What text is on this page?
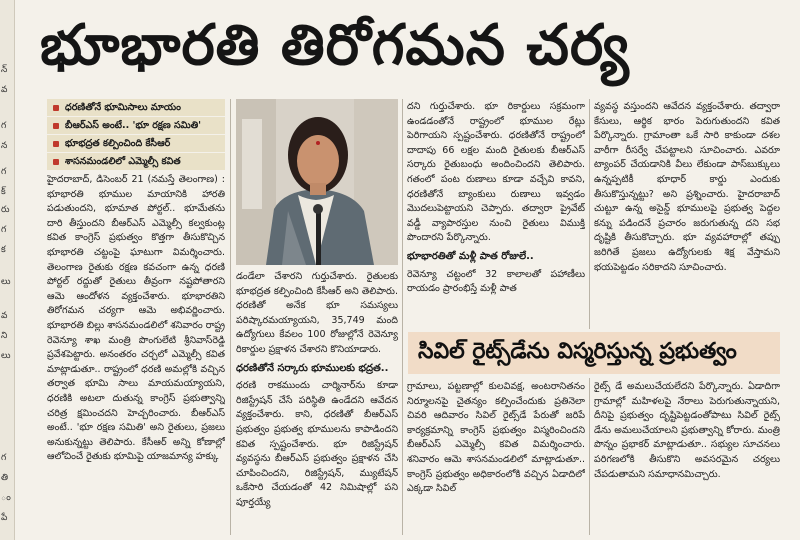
న్
వ
గ
న
గ
క్
రు
గ
క
లు
వ
ని
లు
గ
తి
ం
పే
భూభారతి తిరోగమన చర్య
ధరణితోనే భూమిసాలు మాయం
బీఆర్ఎస్ అంటే.. 'భూ రక్షణ సమితి'
భూభద్రత కల్పించింది కేసీఆర్
శాసనమండలిలో ఎమ్మెల్సీ కవిత

హైదరాబాద్, డిసెంబర్ 21 (నమస్తే తెలంగాణ) : భూభారతి భూముల మాయానికి హారతి పడుతుందని, భూమాత పోర్టల్.. భూమేతను దారి తీస్తుందని బీఆర్ఎస్ ఎమ్మెల్సీ కల్వకుంట్ల కవిత కాంగ్రెస్ ప్రభుత్వం కొత్తగా తీసుకొచ్చిన భూభారతి చట్టంపై ఘాటుగా విమర్శించారు. తెలంగాణ రైతుకు రక్షణ కవచంగా ఉన్న ధరణి పోర్టల్ రద్దుతో రైతులు తీవ్రంగా నష్టపోతారని ఆమె ఆందోళన వ్యక్తంచేశారు. భూభారతిని తిరోగమన చర్యగా ఆమె అభివర్ణించారు. భూభారతి బిల్లు శాసనమండలిలో శనివారం రాష్ట్ర రెవెన్యూ శాఖ మంత్రి పొంగులేటి శ్రీనివాస్‌రెడ్డి ప్రవేశపెట్టారు. అనంతరం చర్చలో ఎమ్మెల్సీ కవిత మాట్లాడుతూ.. రాష్ట్రంలో ధరణి అమల్లోకి వచ్చిన తర్వాత భూమి సాలు మాయమయ్యాయని, ధరణికి అటలా దుతున్న కాంగ్రెస్ ప్రభుత్వాన్ని చరిత్ర క్షమించదని హెచ్చరించారు. బీఆర్ఎస్ అంటే.. 'భూ రక్షణ సమితి' అని రైతులు, ప్రజలు అనుకున్నట్టు తెలిపారు. కేసీఆర్ అన్ని కోణాల్లో ఆలోచించే రైతుకు భూమిపై యాజమాన్య హక్కు

డండేలా చేశారని గుర్తుచేశారు. రైతులకు భూభద్రత కల్పించింది కేసీఆర్ అని తెలిపారు. ధరణితో అనేక భూ సమస్యలు పరిష్కారమయ్యాయని, 35,749 మంది ఉద్యోగులు కేవలం 100 రోజుల్లోనే రెవెన్యూ రికార్డుల ప్రక్షాళన చేశారని కొనియాడారు.

ధరణితోనే సర్కారు భూములకు భద్రత..

ధరణి రాకముందు చార్మినార్‌ను కూడా రిజిస్ట్రేషన్ చేసే పరిస్థితి ఉండేదని ఆవేదన వ్యక్తంచేశారు. కాని, ధరణితో బీఆర్ఎస్ ప్రభుత్వం ప్రభుత్వ భూములను కాపాడిందని కవిత స్పష్టంచేశారు. భూ రిజిస్ట్రేషన్ వ్యవస్థను బీఆర్ఎస్ ప్రభుత్వం ప్రక్షాళన చేసి చూపించిందని, రిజిస్ట్రేషన్, మ్యుటేషన్ ఒకేసారి చేయడంతో 42 నిమిషాల్లో పని పూర్తయ్యే

దని గుర్తుచేశారు. భూ రికార్డులు సక్రమంగా ఉండడంతోనే రాష్ట్రంలో భూముల రేట్లు పెరిగాయని స్పష్టంచేశారు. ధరణితోనే రాష్ట్రంలో దాదాపు 66 లక్షల మంది రైతులకు బీఆర్ఎస్ సర్కారు రైతుబంధు అందించిందని తెలిపారు. గతంలో పంట రుణాలు కూడా వచ్చేవి కావని, ధరణితోనే బ్యాంకులు రుణాలు ఇవ్వడం మొదలుపెట్టాయని చెప్పారు. తద్వారా ప్రైవేట్ వడ్డీ వ్యాపారస్తుల నుంచి రైతులు విముక్తి పొందారని పేర్కొన్నారు.

భూభారతితో మళ్లీ పాత రోజులే..

రెవెన్యూ చట్టంలో 32 కాలాలతో పహాణీలు రాయడం ప్రారంభిస్తే మళ్లీ పాత

వ్యవస్థ వస్తుందని ఆవేదన వ్యక్తంచేశారు. తద్వారా కేసులు, ఆర్థిక భారం పెరుగుతుందని కవిత పేర్కొన్నారు. గ్రామాంతా ఒకే సారి కాకుండా దశల వారీగా రీసర్వే చేపట్టాలని సూచించారు. ఎవరూ ట్యాంపర్ చేయడానికి వీలు లేకుండా పాస్‌బుక్కులు ఉన్నప్పటికీ భూధార్ కార్డు ఎందుకు తీసుకొస్తున్నట్టు? అని ప్రశ్నించారు. హైదరాబాద్ చుట్టూ ఉన్న అసైన్డ్ భూములపై ప్రభుత్వ పెద్దల కన్ను పడిందనే ప్రచారం జరుగుతున్న దని సభ దృష్టికి తీసుకొచ్చారు. భూ వ్యవహారాల్లో తప్పు జరిగితే ప్రజలు ఉద్యోగులకు శిక్ష వేస్తామని భయపెట్టడం సరికాదని సూచించారు.

సివిల్ రైట్స్‌డేను విస్మరిస్తున్న ప్రభుత్వం

గ్రామాలు, పట్టణాల్లో కులవివక్ష, అంటరానితనం నిర్మూలనపై చైతన్యం కల్పించేందుకు ప్రతినెలా చివరి ఆదివారం సివిల్ రైట్స్‌డే పేరుతో జరిపే కార్యక్రమాన్ని కాంగ్రెస్ ప్రభుత్వం విస్మరించిందని బీఆర్ఎస్ ఎమ్మెల్సీ కవిత విమర్శించారు. శనివారం ఆమె శాసనమండలిలో మాట్లాడుతూ.. కాంగ్రెస్ ప్రభుత్వం అధికారంలోకి వచ్చిన ఏడాదిలో ఎక్కడా సివిల్

రైట్స్ డే అమలుచేయలేదని పేర్కొన్నారు. ఏడాదిగా గ్రామాల్లో మహిళలపై నేరాలు పెరుగుతున్నాయని, దీనిపై ప్రభుత్వం దృష్టిపెట్టడంతోపాటు సివిల్ రైట్స్ డేను అమలుచేయాలని ప్రభుత్వాన్ని కోరారు. మంత్రి పొన్నం ప్రభాకర్ మాట్లాడుతూ.. సభ్యుల సూచనలు పరిగణలోకి తీసుకొని అవసరమైన చర్యలు చేపడుతామని సమాధానమిచ్చారు.
